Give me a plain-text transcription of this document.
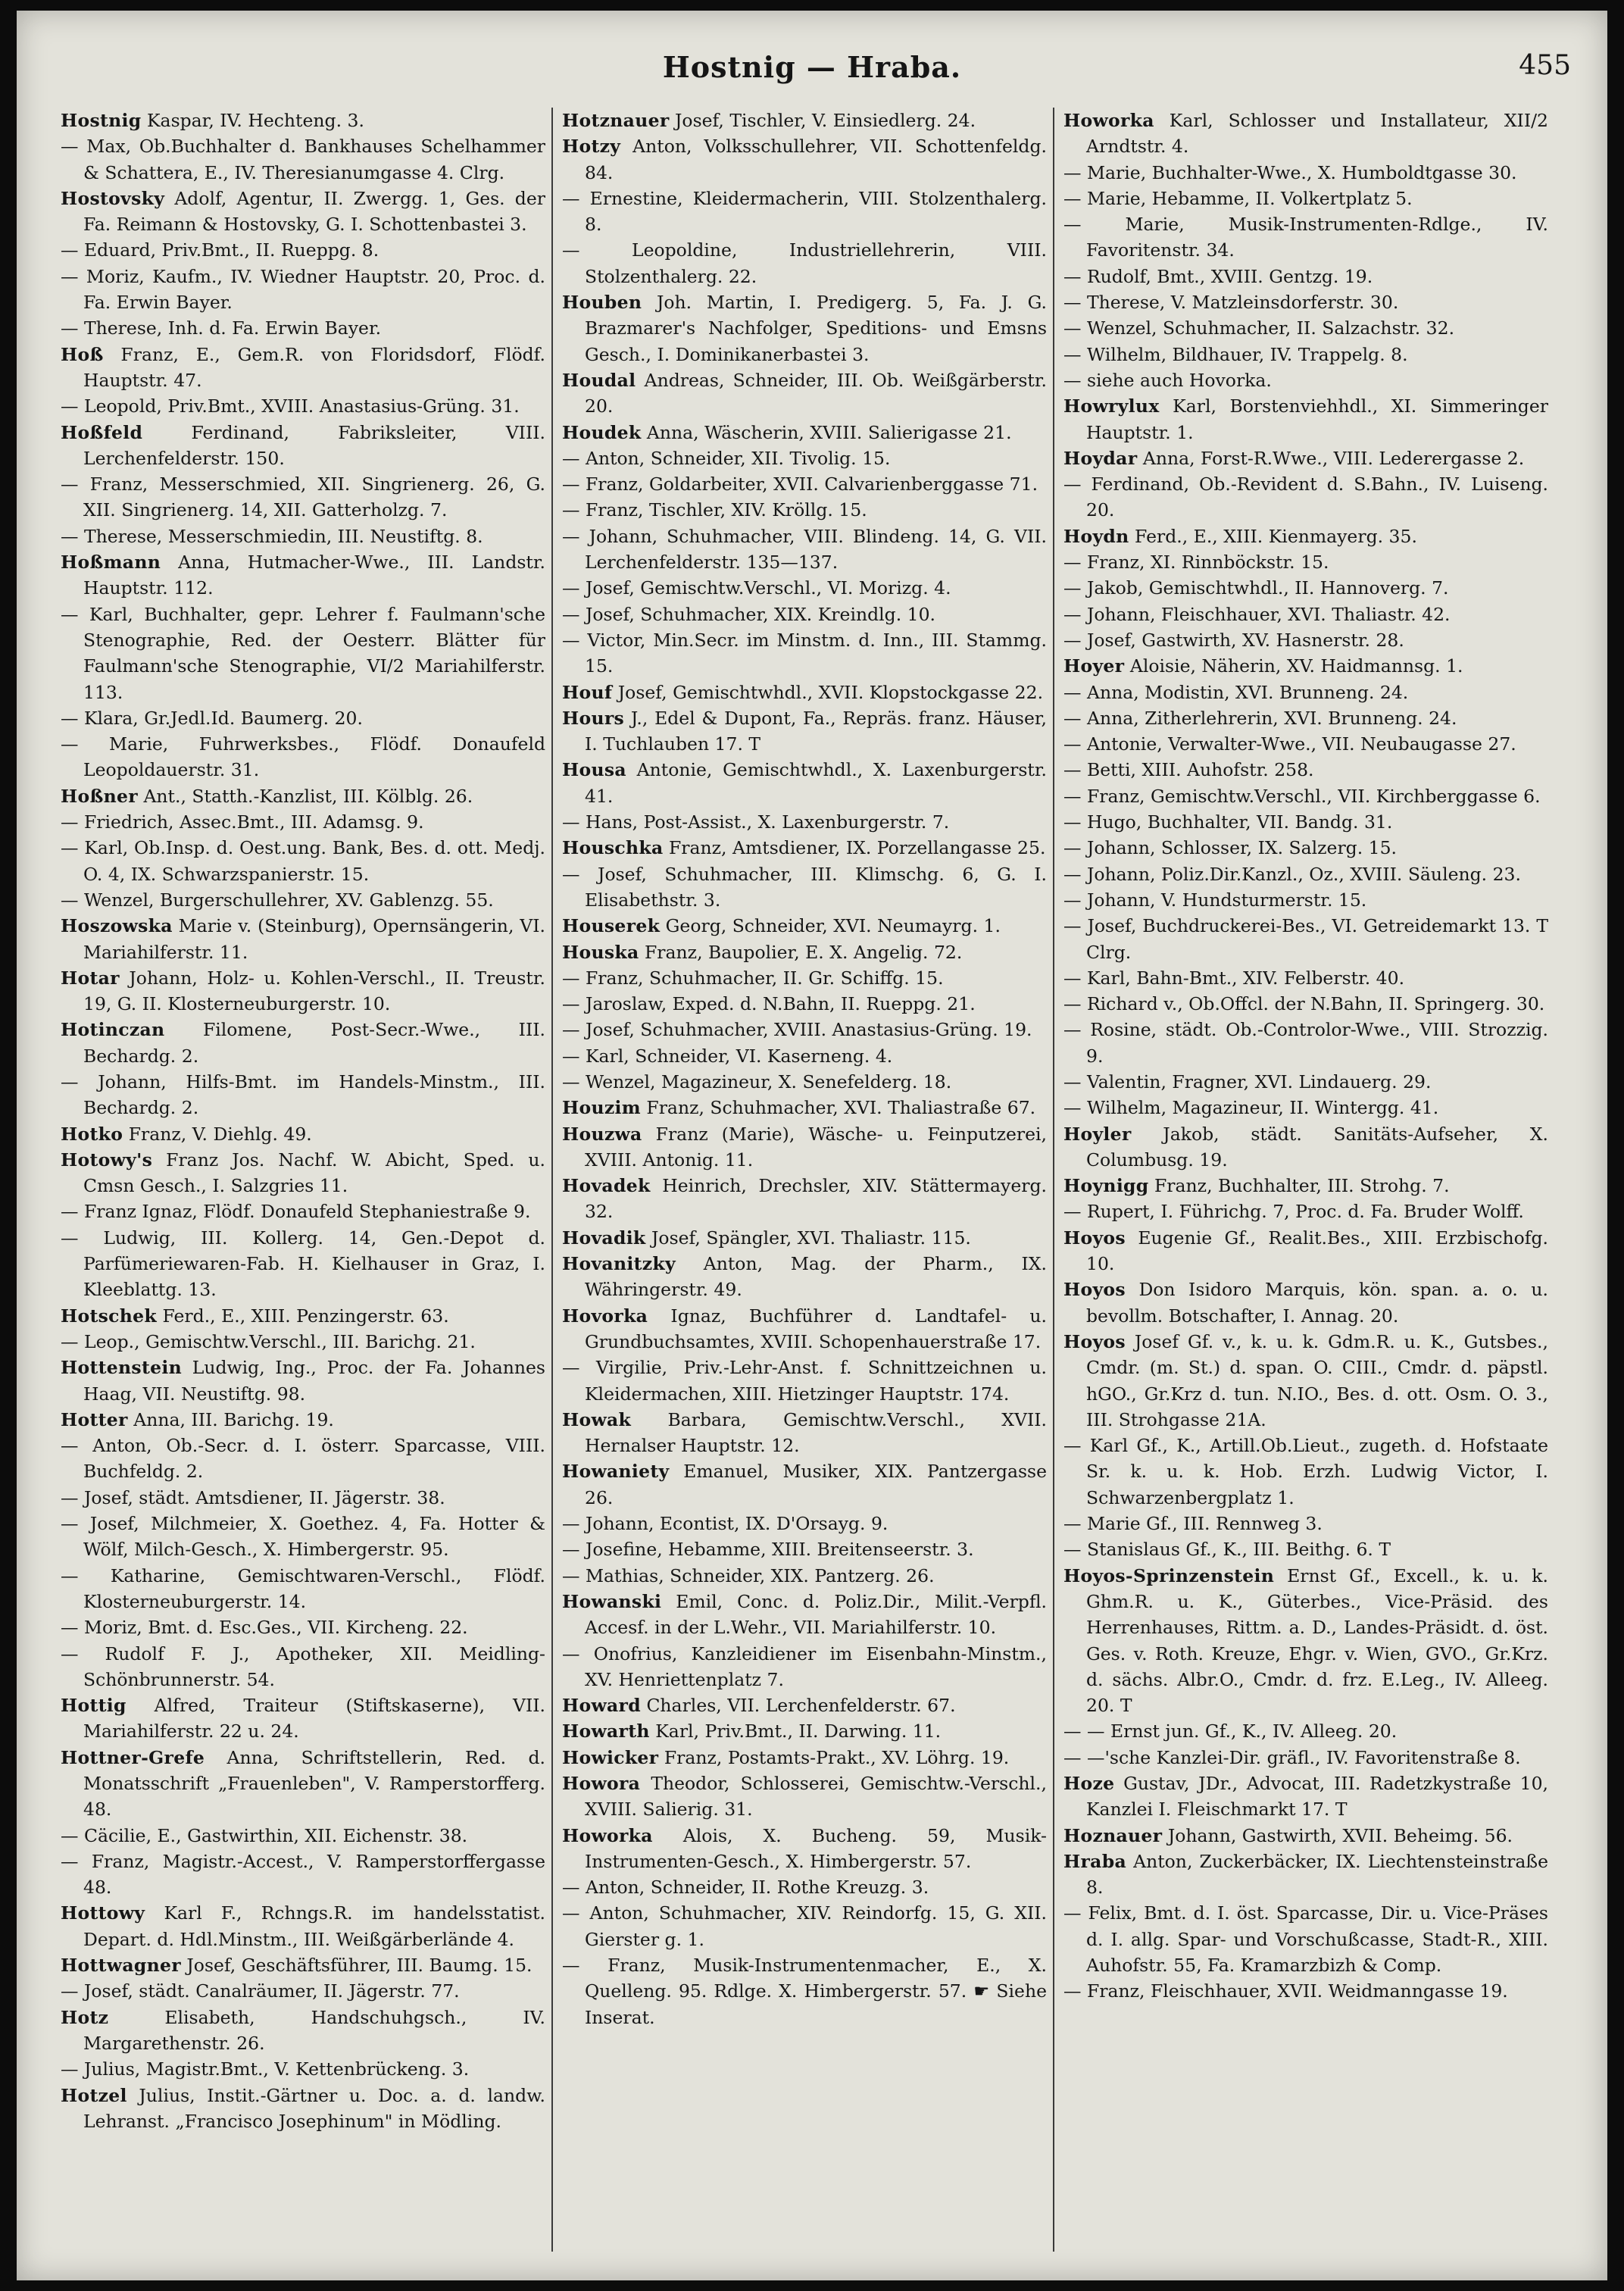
Hostnig — Hraba.	455

Hostnig Kaspar, IV. Hechteng. 3.

— Max, Ob.Buchhalter d. Bankhauses Schelhammer & Schattera, E., IV. Theresianumgasse 4. Clrg.

Hostovsky Adolf, Agentur, II. Zwergg. 1, Ges. der Fa. Reimann & Hostovsky, G. I. Schottenbastei 3.

— Eduard, Priv.Bmt., II. Rueppg. 8.

— Moriz, Kaufm., IV. Wiedner Hauptstr. 20, Proc. d. Fa. Erwin Bayer.

— Therese, Inh. d. Fa. Erwin Bayer.

Hoß Franz, E., Gem.R. von Floridsdorf, Flödf. Hauptstr. 47.

— Leopold, Priv.Bmt., XVIII. Anastasius-Grüng. 31.

Hoßfeld	Ferdinand, Fabriksleiter, VIII. Lerchenfelderstr. 150.

— Franz, Messerschmied, XII. Singrienerg. 26, G. XII. Singrienerg. 14, XII. Gatterholzg. 7.

— Therese, Messerschmiedin, III. Neustiftg. 8.

Hoßmann Anna, Hutmacher-Wwe., III. Landstr. Hauptstr. 112.

— Karl, Buchhalter, gepr. Lehrer f. Faulmann'sche Stenographie, Red. der Oesterr. Blätter für Faulmann'sche Stenographie, VI/2 Mariahilferstr. 113.

— Klara, Gr.Jedl.Id. Baumerg. 20.

— Marie, Fuhrwerksbes., Flödf. Donaufeld Leopoldauerstr. 31.

Hoßner Ant., Statth.-Kanzlist, III. Kölblg. 26.

— Friedrich, Assec.Bmt., III. Adamsg. 9.

— Karl, Ob.Insp. d. Oest.ung. Bank, Bes. d. ott. Medj. O. 4, IX. Schwarzspanierstr. 15.

— Wenzel, Burgerschullehrer, XV. Gablenzg. 55.

Hoszowska Marie v. (Steinburg), Opernsängerin, VI. Mariahilferstr. 11.

Hotar Johann, Holz- u. Kohlen-Verschl., II. Treustr. 19, G. II. Klosterneuburgerstr. 10.

Hotinczan Filomene, Post-Secr.-Wwe., III. Bechardg. 2.

— Johann, Hilfs-Bmt. im Handels-Minstm., III. Bechardg. 2.

Hotko Franz, V. Diehlg. 49.

Hotowy's Franz Jos. Nachf. W. Abicht, Sped. u. Cmsn Gesch., I. Salzgries 11.

— Franz Ignaz, Flödf. Donaufeld Stephaniestraße 9.

— Ludwig, III. Kollerg. 14, Gen.-Depot d. Parfümeriewaren-Fab. H. Kielhauser in Graz, I. Kleeblattg. 13.

Hotschek Ferd., E., XIII. Penzingerstr. 63.

— Leop., Gemischtw.Verschl., III. Barichg. 21.

Hottenstein Ludwig, Ing., Proc. der Fa. Johannes Haag, VII. Neustiftg. 98.

Hotter Anna, III. Barichg. 19.

— Anton, Ob.-Secr. d. I. österr. Sparcasse, VIII. Buchfeldg. 2.

— Josef, städt. Amtsdiener, II. Jägerstr. 38.

— Josef, Milchmeier, X. Goethez. 4, Fa. Hotter & Wölf, Milch-Gesch., X. Himbergerstr. 95.

— Katharine, Gemischtwaren-Verschl., Flödf. Klosterneuburgerstr. 14.

— Moriz, Bmt. d. Esc.Ges., VII. Kircheng. 22.

— Rudolf F. J., Apotheker, XII. Meidling-Schönbrunnerstr. 54.

Hottig Alfred, Traiteur (Stiftskaserne), VII. Mariahilferstr. 22 u. 24.

Hottner-Grefe Anna, Schriftstellerin, Red. d. Monatsschrift „Frauenleben", V. Ramperstorfferg. 48.

— Cäcilie, E., Gastwirthin, XII. Eichenstr. 38.

— Franz, Magistr.-Accest., V. Ramperstorffergasse 48.

Hottowy Karl F., Rchngs.R. im handelsstatist. Depart. d. Hdl.Minstm., III. Weißgärberlände 4.

Hottwagner Josef, Geschäftsführer, III. Baumg. 15.

— Josef, städt. Canalräumer, II. Jägerstr. 77.

Hotz	Elisabeth, Handschuhgsch., IV. Margarethenstr. 26.

— Julius, Magistr.Bmt., V. Kettenbrückeng. 3.

Hotzel Julius, Instit.-Gärtner u. Doc. a. d. landw. Lehranst. „Francisco Josephinum" in Mödling.

Hotznauer Josef, Tischler, V. Einsiedlerg. 24.

Hotzy Anton, Volksschullehrer, VII. Schottenfeldg. 84.

— Ernestine, Kleidermacherin, VIII. Stolzenthalerg. 8.

— Leopoldine, Industriellehrerin, VIII. Stolzenthalerg. 22.

Houben Joh. Martin, I. Predigerg. 5, Fa. J. G. Brazmarer's Nachfolger, Speditions- und Emsns Gesch., I. Dominikanerbastei 3.

Houdal Andreas, Schneider, III. Ob. Weißgärberstr. 20.

Houdek Anna, Wäscherin, XVIII. Salierigasse 21.

— Anton, Schneider, XII. Tivolig. 15.

— Franz, Goldarbeiter, XVII. Calvarienberggasse 71.

— Franz, Tischler, XIV. Kröllg. 15.

— Johann, Schuhmacher, VIII. Blindeng. 14, G. VII. Lerchenfelderstr. 135—137.

— Josef, Gemischtw.Verschl., VI. Morizg. 4.

— Josef, Schuhmacher, XIX. Kreindlg. 10.

— Victor, Min.Secr. im Minstm. d. Inn., III. Stammg. 15.

Houf Josef, Gemischtwhdl., XVII. Klopstockgasse 22.

Hours J., Edel & Dupont, Fa., Repräs. franz. Häuser, I. Tuchlauben 17. T

Housa Antonie, Gemischtwhdl., X. Laxenburgerstr. 41.

— Hans, Post-Assist., X. Laxenburgerstr. 7.

Houschka Franz, Amtsdiener, IX. Porzellangasse 25.

— Josef, Schuhmacher, III. Klimschg. 6, G. I. Elisabethstr. 3.

Houserek Georg, Schneider, XVI. Neumayrg. 1.

Houska Franz, Baupolier, E. X. Angelig. 72.

— Franz, Schuhmacher, II. Gr. Schiffg. 15.

— Jaroslaw, Exped. d. N.Bahn, II. Rueppg. 21.

— Josef, Schuhmacher, XVIII. Anastasius-Grüng. 19.

— Karl, Schneider, VI. Kaserneng. 4.

— Wenzel, Magazineur, X. Senefelderg. 18.

Houzim Franz, Schuhmacher, XVI. Thaliastraße 67.

Houzwa Franz (Marie), Wäsche- u. Feinputzerei, XVIII. Antonig. 11.

Hovadek Heinrich, Drechsler, XIV. Stättermayerg. 32.

Hovadik Josef, Spängler, XVI. Thaliastr. 115.

Hovanitzky Anton, Mag. der Pharm., IX. Währingerstr. 49.

Hovorka Ignaz, Buchführer d. Landtafel- u. Grundbuchsamtes, XVIII. Schopenhauerstraße 17.

— Virgilie, Priv.-Lehr-Anst. f. Schnittzeichnen u. Kleidermachen, XIII. Hietzinger Hauptstr. 174.

Howak Barbara, Gemischtw.Verschl., XVII. Hernalser Hauptstr. 12.

Howaniety Emanuel, Musiker, XIX. Pantzergasse 26.

— Johann, Econtist, IX. D'Orsayg. 9.

— Josefine, Hebamme, XIII. Breitenseerstr. 3.

— Mathias, Schneider, XIX. Pantzerg. 26.

Howanski Emil, Conc. d. Poliz.Dir., Milit.-Verpfl. Accesf. in der L.Wehr., VII. Mariahilferstr. 10.

— Onofrius, Kanzleidiener im Eisenbahn-Minstm., XV. Henriettenplatz 7.

Howard Charles, VII. Lerchenfelderstr. 67.

Howarth Karl, Priv.Bmt., II. Darwing. 11.

Howicker Franz, Postamts-Prakt., XV. Löhrg. 19.

Howora Theodor, Schlosserei, Gemischtw.-Verschl., XVIII. Salierig. 31.

Howorka Alois, X. Bucheng. 59, Musik-Instrumenten-Gesch., X. Himbergerstr. 57.

— Anton, Schneider, II. Rothe Kreuzg. 3.

— Anton, Schuhmacher, XIV. Reindorfg. 15, G. XII. Gierster g. 1.

— Franz, Musik-Instrumentenmacher, E., X. Quelleng. 95. Rdlge. X. Himbergerstr. 57. ☛ Siehe Inserat.

Howorka Karl, Schlosser und Installateur, XII/2 Arndtstr. 4.

— Marie, Buchhalter-Wwe., X. Humboldtgasse 30.

— Marie, Hebamme, II. Volkertplatz 5.

— Marie, Musik-Instrumenten-Rdlge., IV. Favoritenstr. 34.

— Rudolf, Bmt., XVIII. Gentzg. 19.

— Therese, V. Matzleinsdorferstr. 30.

— Wenzel, Schuhmacher, II. Salzachstr. 32.

— Wilhelm, Bildhauer, IV. Trappelg. 8.

— siehe auch Hovorka.

Howrylux Karl, Borstenviehhdl., XI. Simmeringer Hauptstr. 1.

Hoydar Anna, Forst-R.Wwe., VIII. Lederergasse 2.

— Ferdinand, Ob.-Revident d. S.Bahn., IV. Luiseng. 20.

Hoydn Ferd., E., XIII. Kienmayerg. 35.

— Franz, XI. Rinnböckstr. 15.

— Jakob, Gemischtwhdl., II. Hannoverg. 7.

— Johann, Fleischhauer, XVI. Thaliastr. 42.

— Josef, Gastwirth, XV. Hasnerstr. 28.

Hoyer Aloisie, Näherin, XV. Haidmannsg. 1.

— Anna, Modistin, XVI. Brunneng. 24.

— Anna, Zitherlehrerin, XVI. Brunneng. 24.

— Antonie, Verwalter-Wwe., VII. Neubaugasse 27.

— Betti, XIII. Auhofstr. 258.

— Franz, Gemischtw.Verschl., VII. Kirchberggasse 6.

— Hugo, Buchhalter, VII. Bandg. 31.

— Johann, Schlosser, IX. Salzerg. 15.

— Johann, Poliz.Dir.Kanzl., Oz., XVIII. Säuleng. 23.

— Johann, V. Hundsturmerstr. 15.

— Josef, Buchdruckerei-Bes., VI. Getreidemarkt 13. T Clrg.

— Karl, Bahn-Bmt., XIV. Felberstr. 40.

— Richard v., Ob.Offcl. der N.Bahn, II. Springerg. 30.

— Rosine, städt. Ob.-Controlor-Wwe., VIII. Strozzig. 9.

— Valentin, Fragner, XVI. Lindauerg. 29.

— Wilhelm, Magazineur, II. Wintergg. 41.

Hoyler Jakob, städt. Sanitäts-Aufseher, X. Columbusg. 19.

Hoynigg Franz, Buchhalter, III. Strohg. 7.

— Rupert, I. Führichg. 7, Proc. d. Fa. Bruder Wolff.

Hoyos Eugenie Gf., Realit.Bes., XIII. Erzbischofg. 10.

Hoyos Don Isidoro Marquis, kön. span. a. o. u. bevollm. Botschafter, I. Annag. 20.

Hoyos Josef Gf. v., k. u. k. Gdm.R. u. K., Gutsbes., Cmdr. (m. St.) d. span. O. CIII., Cmdr. d. päpstl. hGO., Gr.Krz d. tun. N.IO., Bes. d. ott. Osm. O. 3., III. Strohgasse 21A.

— Karl Gf., K., Artill.Ob.Lieut., zugeth. d. Hofstaate Sr. k. u. k. Hob. Erzh. Ludwig Victor, I. Schwarzenbergplatz 1.

— Marie Gf., III. Rennweg 3.

— Stanislaus Gf., K., III. Beithg. 6. T

Hoyos-Sprinzenstein Ernst Gf., Excell., k. u. k. Ghm.R. u. K., Güterbes., Vice-Präsid. des Herrenhauses, Rittm. a. D., Landes-Präsidt. d. öst. Ges. v. Roth. Kreuze, Ehgr. v. Wien, GVO., Gr.Krz. d. sächs. Albr.O., Cmdr. d. frz. E.Leg., IV. Alleeg. 20. T

— — Ernst jun. Gf., K., IV. Alleeg. 20.

— —'sche Kanzlei-Dir. gräfl., IV. Favoritenstraße 8.

Hoze Gustav, JDr., Advocat, III. Radetzkystraße 10, Kanzlei I. Fleischmarkt 17. T

Hoznauer Johann, Gastwirth, XVII. Beheimg. 56.

Hraba Anton, Zuckerbäcker, IX. Liechtensteinstraße 8.

— Felix, Bmt. d. I. öst. Sparcasse, Dir. u. Vice-Präses d. I. allg. Spar- und Vorschußcasse, Stadt-R., XIII. Auhofstr. 55, Fa. Kramarzbizh & Comp.

— Franz, Fleischhauer, XVII. Weidmanngasse 19.
